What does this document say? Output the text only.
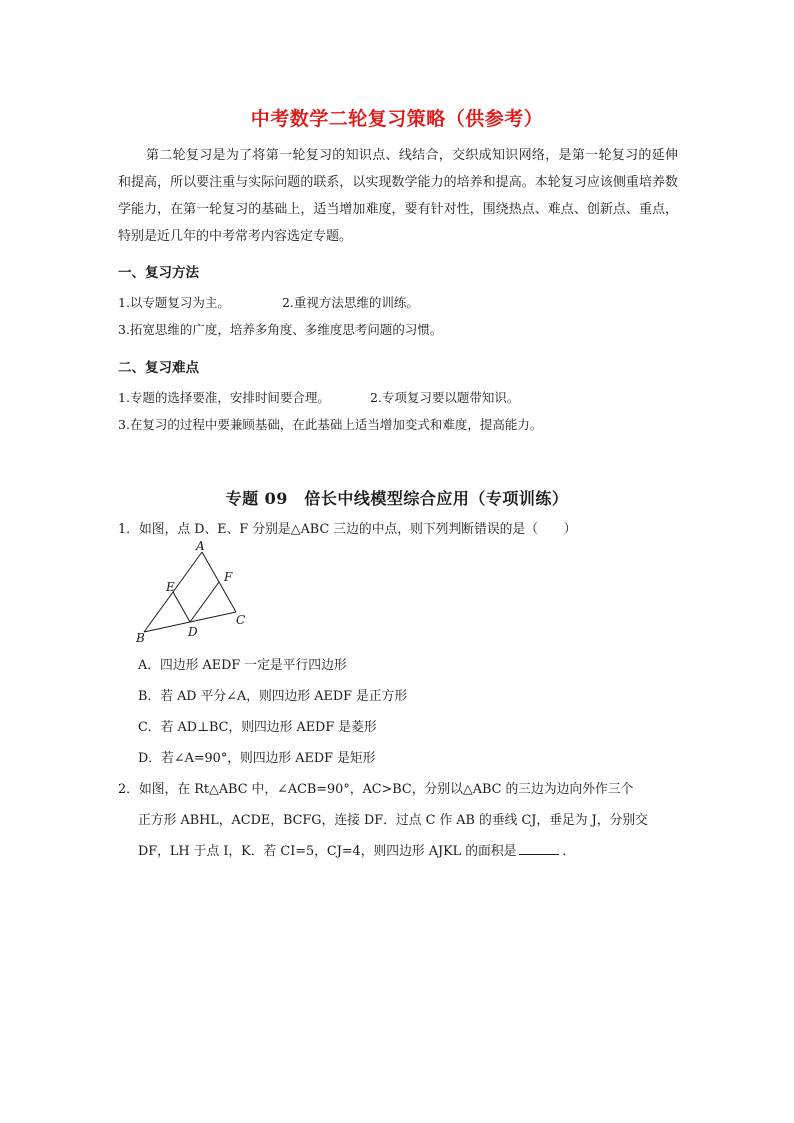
中考数学二轮复习策略（供参考）
第二轮复习是为了将第一轮复习的知识点、线结合，交织成知识网络，是第一轮复习的延伸和提高，所以要注重与实际问题的联系，以实现数学能力的培养和提高。本轮复习应该侧重培养数学能力，在第一轮复习的基础上，适当增加难度，要有针对性，围绕热点、难点、创新点、重点，特别是近几年的中考常考内容选定专题。
一、复习方法
1.以专题复习为主。	2.重视方法思维的训练。
3.拓宽思维的广度，培养多角度、多维度思考问题的习惯。
二、复习难点
1.专题的选择要准，安排时间要合理。	2.专项复习要以题带知识。
3.在复习的过程中要兼顾基础，在此基础上适当增加变式和难度，提高能力。
专题 09　倍长中线模型综合应用（专项训练）
1．如图，点 D、E、F 分别是△ABC 三边的中点，则下列判断错误的是（　　）
A
B
C
D
E
F
A．四边形 AEDF 一定是平行四边形
B．若 AD 平分∠A，则四边形 AEDF 是正方形
C．若 AD⊥BC，则四边形 AEDF 是菱形
D．若∠A=90°，则四边形 AEDF 是矩形
2．如图，在 Rt△ABC 中，∠ACB=90°，AC>BC，分别以△ABC 的三边为边向外作三个
正方形 ABHL，ACDE，BCFG，连接 DF．过点 C 作 AB 的垂线 CJ，垂足为 J，分别交
DF，LH 于点 I，K．若 CI=5，CJ=4，则四边形 AJKL 的面积是	．
